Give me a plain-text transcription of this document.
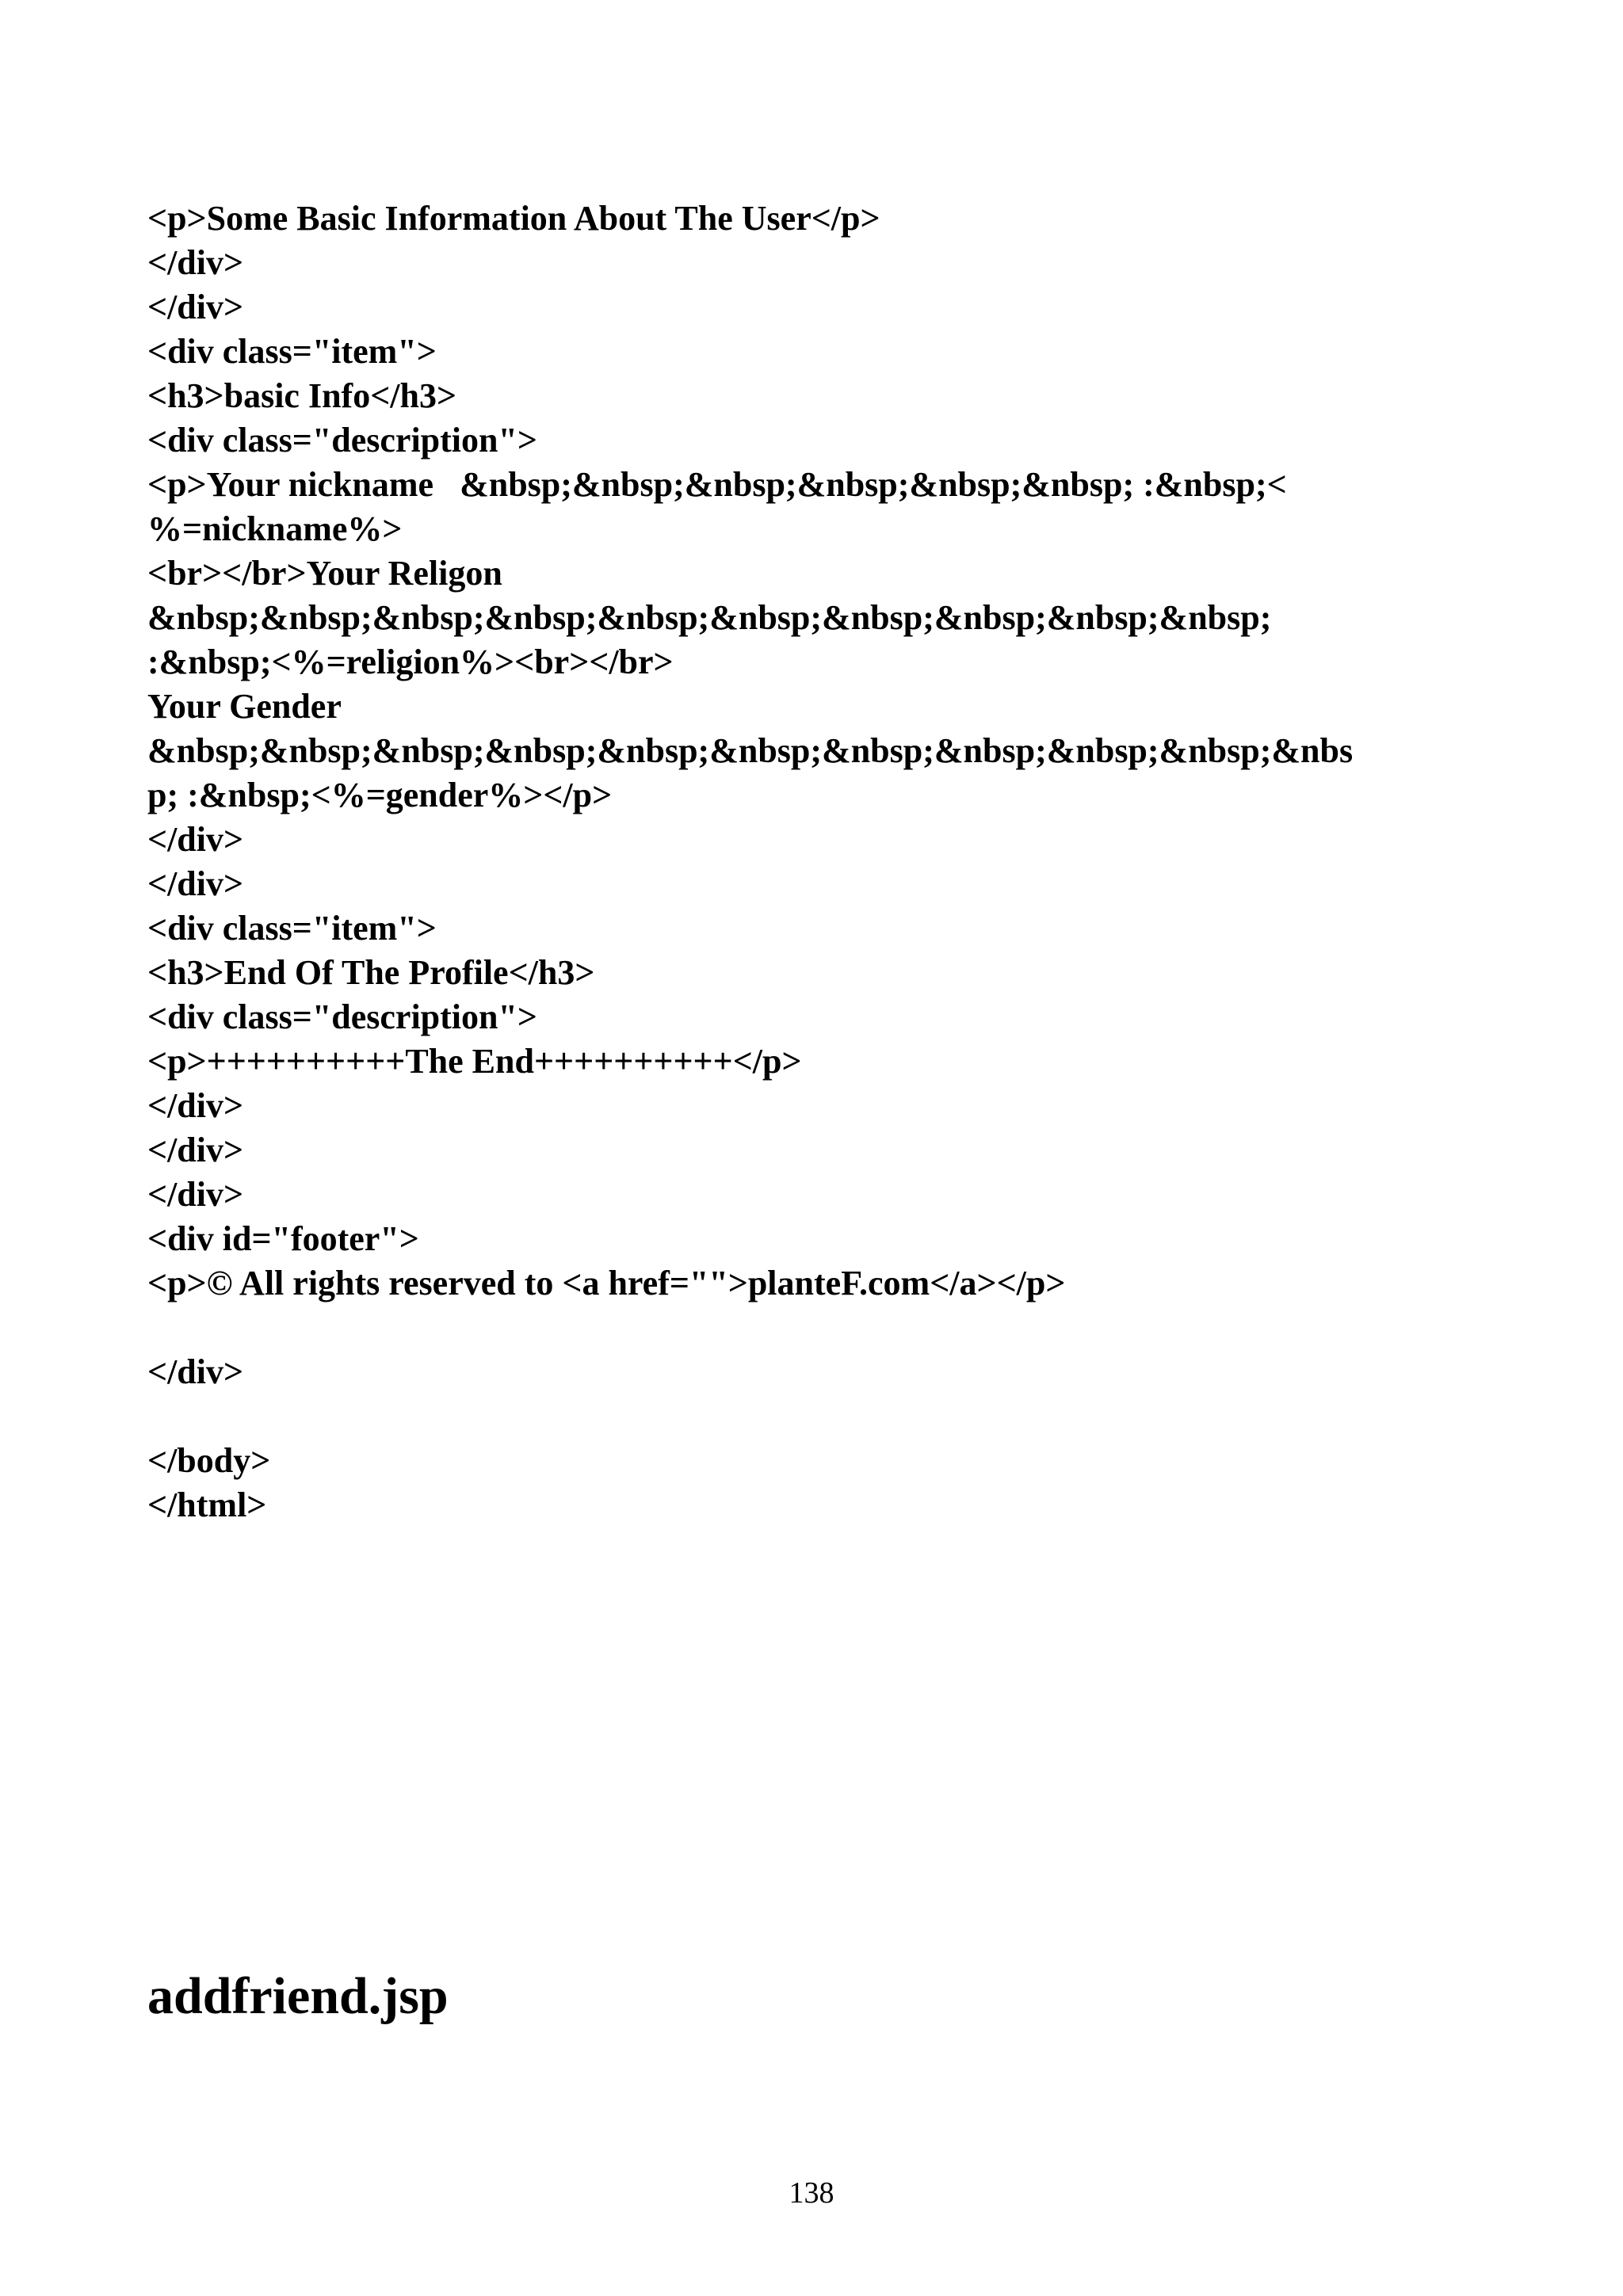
<p>Some Basic Information About The User</p>
</div>
</div>
<div class="item">
<h3>basic Info</h3>
<div class="description">
<p>Your nickname   &nbsp;&nbsp;&nbsp;&nbsp;&nbsp;&nbsp; :&nbsp;<
%=nickname%>
<br></br>Your Religon
&nbsp;&nbsp;&nbsp;&nbsp;&nbsp;&nbsp;&nbsp;&nbsp;&nbsp;&nbsp;
:&nbsp;<%=religion%><br></br>
Your Gender
&nbsp;&nbsp;&nbsp;&nbsp;&nbsp;&nbsp;&nbsp;&nbsp;&nbsp;&nbsp;&nbs
p; :&nbsp;<%=gender%></p>
</div>
</div>
<div class="item">
<h3>End Of The Profile</h3>
<div class="description">
<p>++++++++++The End++++++++++</p>
</div>
</div>
</div>
<div id="footer">
<p>© All rights reserved to <a href="">planteF.com</a></p>
</div>
</body>
</html>
addfriend.jsp
138
